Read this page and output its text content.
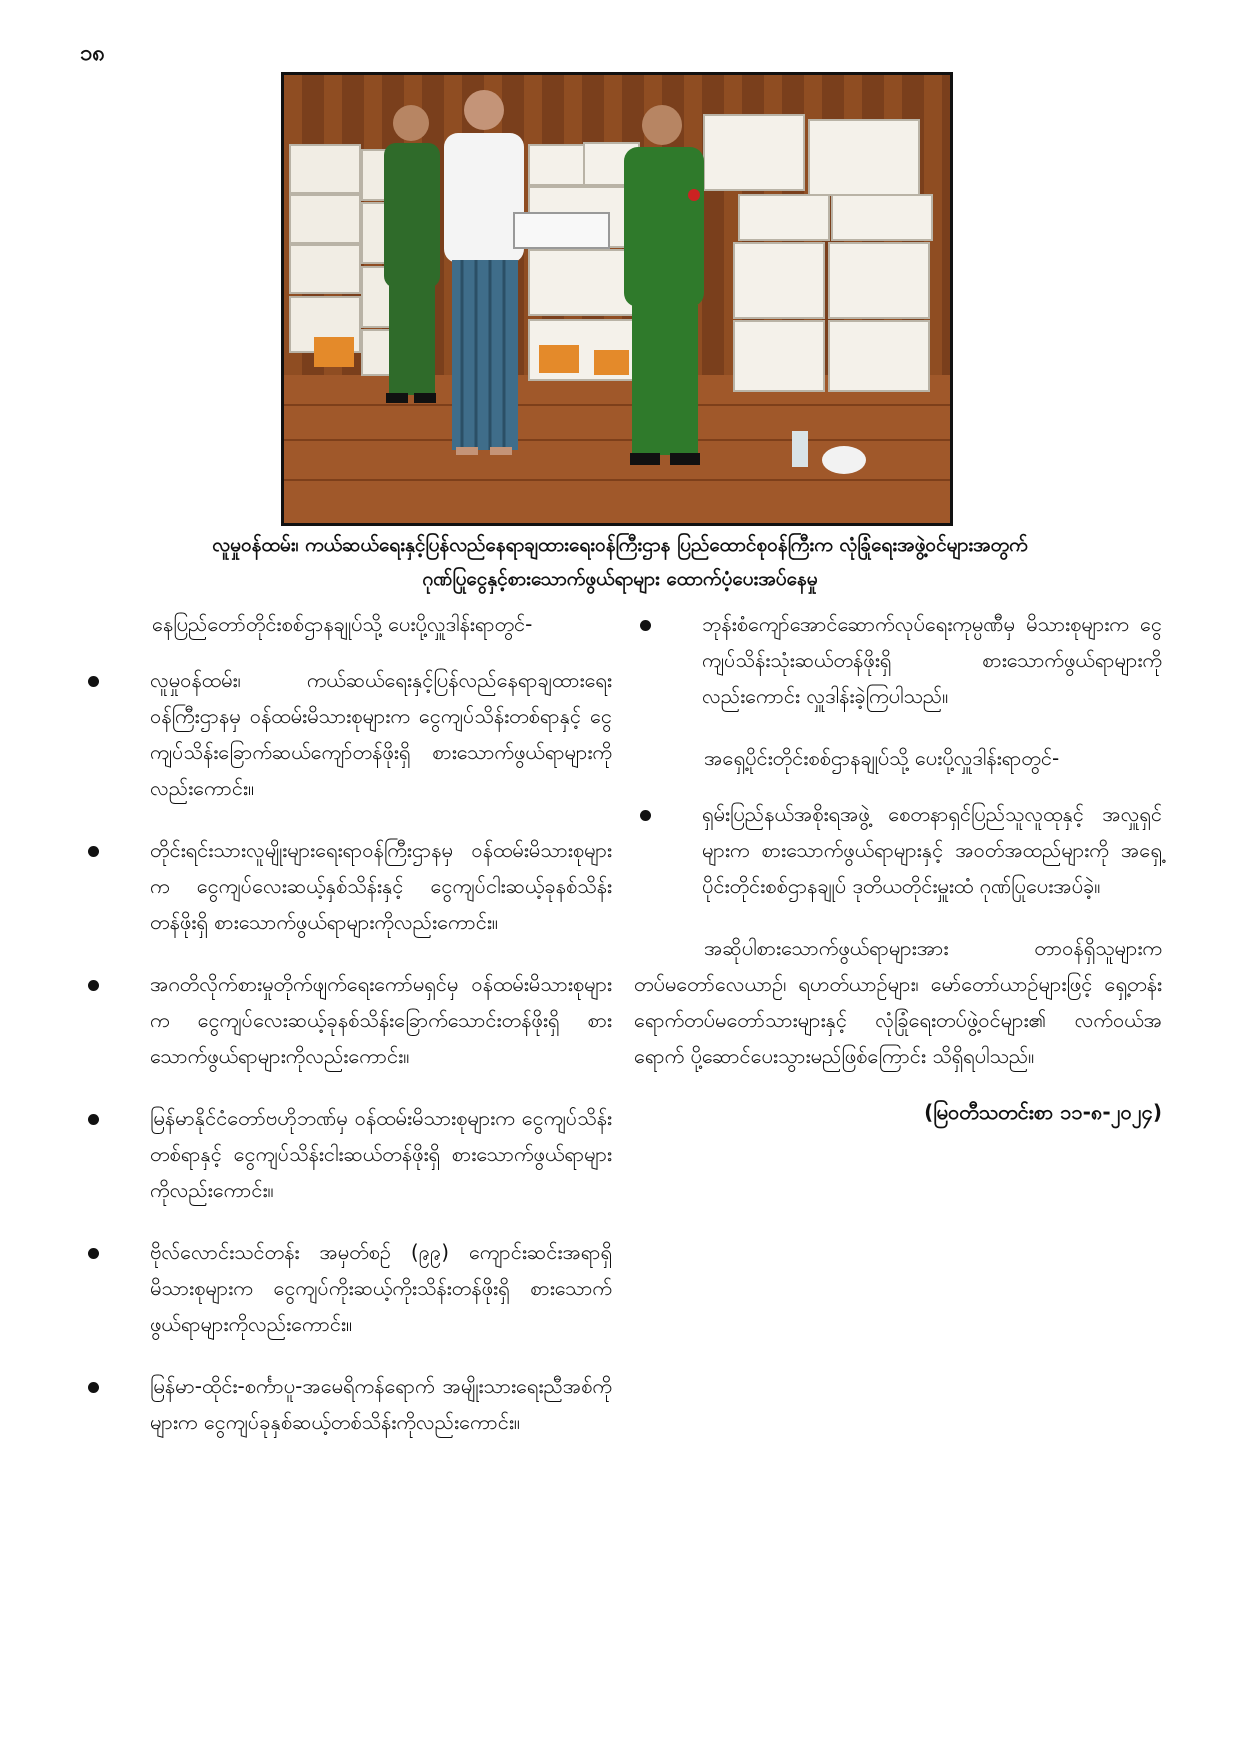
၁၈
လူမှုဝန်ထမ်း၊ ကယ်ဆယ်ရေးနှင့်ပြန်လည်နေရာချထားရေးဝန်ကြီးဌာန ပြည်ထောင်စုဝန်ကြီးက လုံခြုံရေးအဖွဲ့ဝင်များအတွက်
ဂုဏ်ပြုငွေနှင့်စားသောက်ဖွယ်ရာများ ထောက်ပံ့ပေးအပ်နေမှု

နေပြည်တော်တိုင်းစစ်ဌာနချုပ်သို့ ပေးပို့လှူဒါန်းရာတွင်-

လူမှုဝန်ထမ်း၊ ကယ်ဆယ်ရေးနှင့်ပြန်လည်နေရာချထားရေးဝန်ကြီးဌာနမှ ဝန်ထမ်းမိသားစုများက ငွေကျပ်သိန်းတစ်ရာနှင့် ငွေကျပ်သိန်းခြောက်ဆယ်ကျော်တန်ဖိုးရှိ စားသောက်ဖွယ်ရာများကိုလည်းကောင်း။

တိုင်းရင်းသားလူမျိုးများရေးရာဝန်ကြီးဌာနမှ ဝန်ထမ်းမိသားစုများက ငွေကျပ်လေးဆယ့်နှစ်သိန်းနှင့် ငွေကျပ်ငါးဆယ့်ခုနစ်သိန်းတန်ဖိုးရှိ စားသောက်ဖွယ်ရာများကိုလည်းကောင်း။

အဂတိလိုက်စားမှုတိုက်ဖျက်ရေးကော်မရှင်မှ ဝန်ထမ်းမိသားစုများက ငွေကျပ်လေးဆယ့်ခုနစ်သိန်းခြောက်သောင်းတန်ဖိုးရှိ စားသောက်ဖွယ်ရာများကိုလည်းကောင်း။

မြန်မာနိုင်ငံတော်ဗဟိုဘဏ်မှ ဝန်ထမ်းမိသားစုများက ငွေကျပ်သိန်းတစ်ရာနှင့် ငွေကျပ်သိန်းငါးဆယ်တန်ဖိုးရှိ စားသောက်ဖွယ်ရာများကိုလည်းကောင်း။

ဗိုလ်လောင်းသင်တန်း အမှတ်စဉ် (၉၉) ကျောင်းဆင်းအရာရှိမိသားစုများက ငွေကျပ်ကိုးဆယ့်ကိုးသိန်းတန်ဖိုးရှိ စားသောက်ဖွယ်ရာများကိုလည်းကောင်း။

မြန်မာ-ထိုင်း-စင်္ကာပူ-အမေရိကန်ရောက် အမျိုးသားရေးညီအစ်ကိုများက ငွေကျပ်ခုနှစ်ဆယ့်တစ်သိန်းကိုလည်းကောင်း။

ဘုန်းစံကျော်အောင်ဆောက်လုပ်ရေးကုမ္ပဏီမှ မိသားစုများက ငွေကျပ်သိန်းသုံးဆယ်တန်ဖိုးရှိ စားသောက်ဖွယ်ရာများကိုလည်းကောင်း လှူဒါန်းခဲ့ကြပါသည်။

အရှေ့ပိုင်းတိုင်းစစ်ဌာနချုပ်သို့ ပေးပို့လှူဒါန်းရာတွင်-

ရှမ်းပြည်နယ်အစိုးရအဖွဲ့ စေတနာရှင်ပြည်သူလူထုနှင့် အလှူရှင်များက စားသောက်ဖွယ်ရာများနှင့် အဝတ်အထည်များကို အရှေ့ပိုင်းတိုင်းစစ်ဌာနချုပ် ဒုတိယတိုင်းမှူးထံ ဂုဏ်ပြုပေးအပ်ခဲ့။

အဆိုပါစားသောက်ဖွယ်ရာများအား တာဝန်ရှိသူများက တပ်မတော်လေယာဉ်၊ ရဟတ်ယာဉ်များ၊ မော်တော်ယာဉ်များဖြင့် ရှေ့တန်းရောက်တပ်မတော်သားများနှင့် လုံခြုံရေးတပ်ဖွဲ့ဝင်များ၏ လက်ဝယ်အရောက် ပို့ဆောင်ပေးသွားမည်ဖြစ်ကြောင်း သိရှိရပါသည်။

(မြဝတီသတင်းစာ ၁၁-၈-၂၀၂၄)
